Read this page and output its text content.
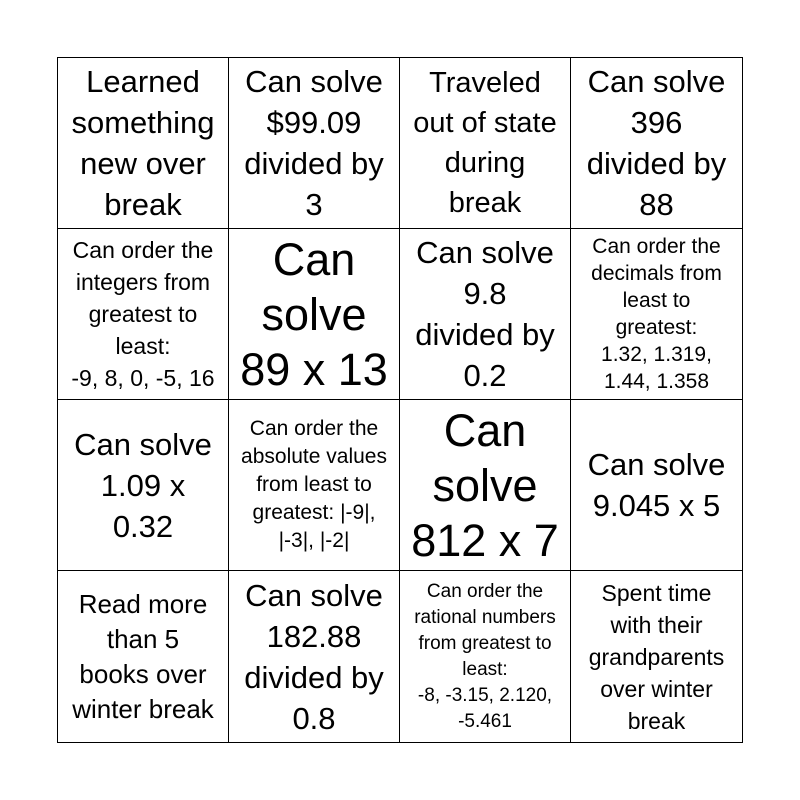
Learned
something
new over
break
Can solve
$99.09
divided by
3
Traveled
out of state
during
break
Can solve
396
divided by
88
Can order the
integers from
greatest to
least:
-9, 8, 0, -5, 16
Can
solve
89 x 13
Can solve
9.8
divided by
0.2
Can order the
decimals from
least to
greatest:
1.32, 1.319,
1.44, 1.358
Can solve
1.09 x
0.32
Can order the
absolute values
from least to
greatest: |-9|,
|-3|, |-2|
Can
solve
812 x 7
Can solve
9.045 x 5
Read more
than 5
books over
winter break
Can solve
182.88
divided by
0.8
Can order the
rational numbers
from greatest to
least:
-8, -3.15, 2.120,
-5.461
Spent time
with their
grandparents
over winter
break
